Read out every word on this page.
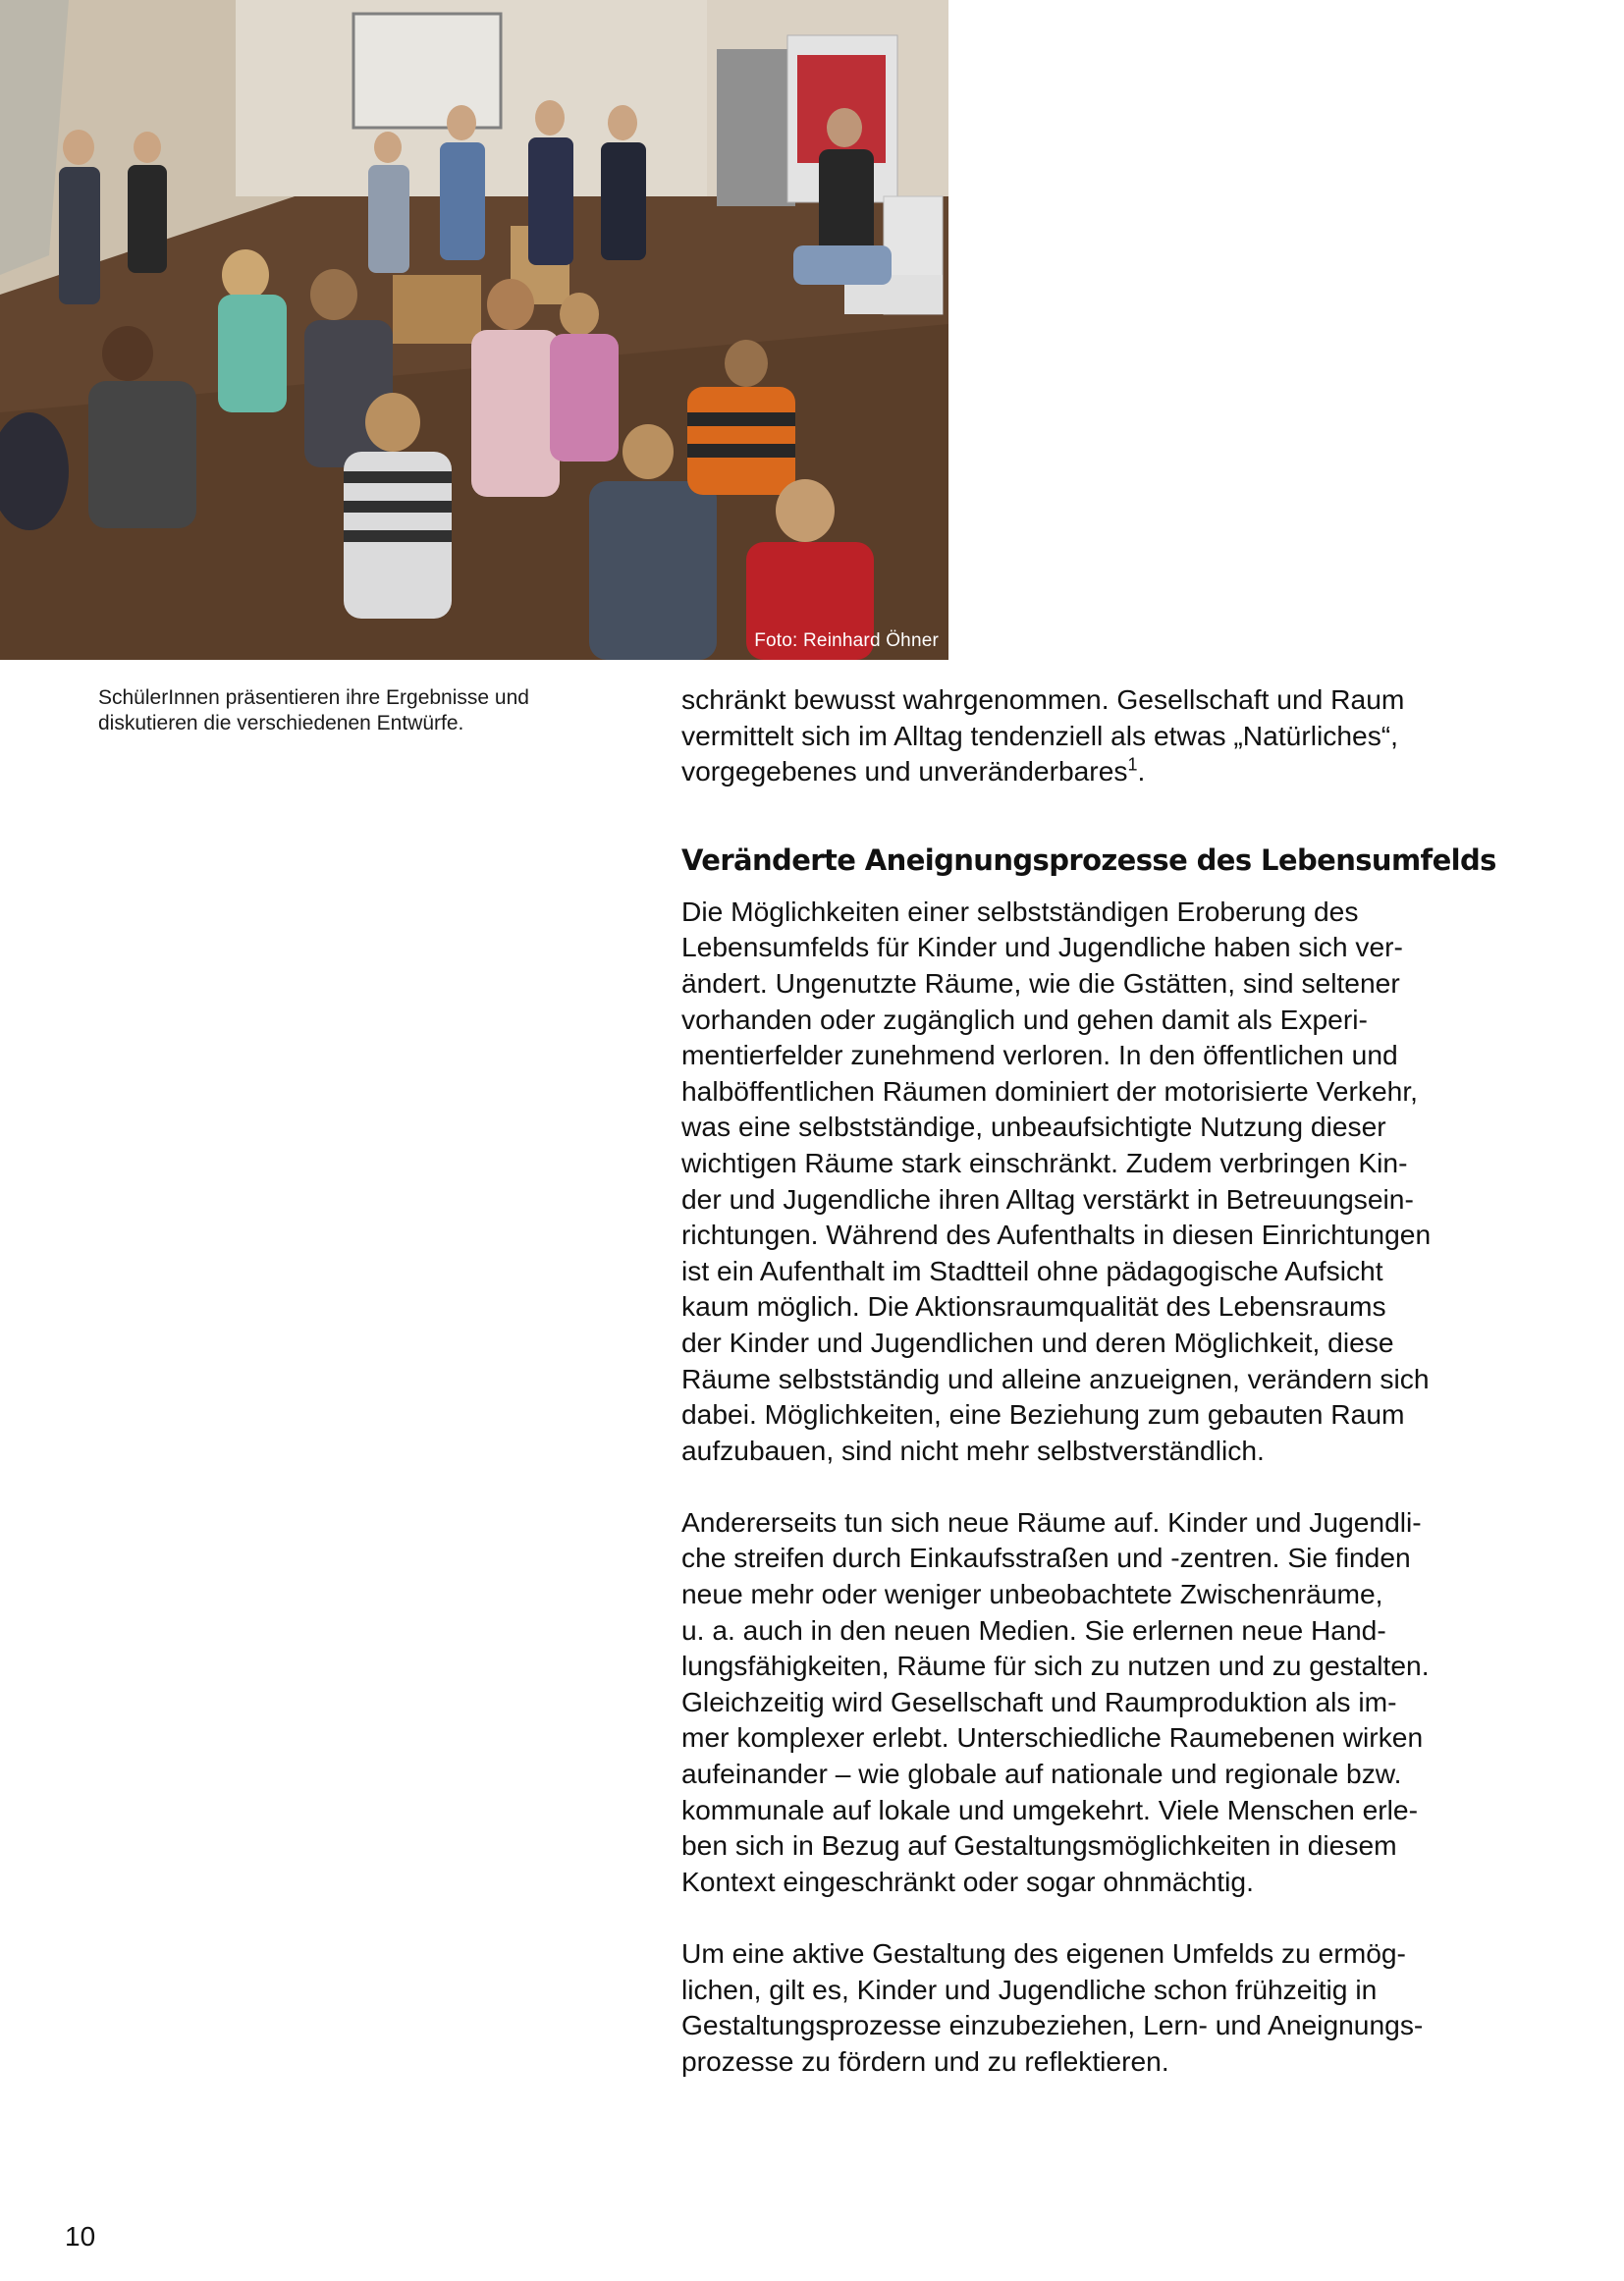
Foto: Reinhard Öhner
SchülerInnen präsentieren ihre Ergebnisse und
diskutieren die verschiedenen Entwürfe.

schränkt bewusst wahrgenommen. Gesellschaft und Raum
vermittelt sich im Alltag tendenziell als etwas „Natürliches“,
vorgegebenes und unveränderbares$^1$.

Veränderte Aneignungsprozesse des Lebensumfelds

Die Möglichkeiten einer selbstständigen Eroberung des
Lebensumfelds für Kinder und Jugendliche haben sich ver-
ändert. Ungenutzte Räume, wie die Gstätten, sind seltener
vorhanden oder zugänglich und gehen damit als Experi-
mentierfelder zunehmend verloren. In den öffentlichen und
halböffentlichen Räumen dominiert der motorisierte Verkehr,
was eine selbstständige, unbeaufsichtigte Nutzung dieser
wichtigen Räume stark einschränkt. Zudem verbringen Kin-
der und Jugendliche ihren Alltag verstärkt in Betreuungsein-
richtungen. Während des Aufenthalts in diesen Einrichtungen
ist ein Aufenthalt im Stadtteil ohne pädagogische Aufsicht
kaum möglich. Die Aktionsraumqualität des Lebensraums
der Kinder und Jugendlichen und deren Möglichkeit, diese
Räume selbstständig und alleine anzueignen, verändern sich
dabei. Möglichkeiten, eine Beziehung zum gebauten Raum
aufzubauen, sind nicht mehr selbstverständlich.

Andererseits tun sich neue Räume auf. Kinder und Jugendli-
che streifen durch Einkaufsstraßen und -zentren. Sie finden
neue mehr oder weniger unbeobachtete Zwischenräume,
u. a. auch in den neuen Medien. Sie erlernen neue Hand-
lungsfähigkeiten, Räume für sich zu nutzen und zu gestalten.
Gleichzeitig wird Gesellschaft und Raumproduktion als im-
mer komplexer erlebt. Unterschiedliche Raumebenen wirken
aufeinander – wie globale auf nationale und regionale bzw.
kommunale auf lokale und umgekehrt. Viele Menschen erle-
ben sich in Bezug auf Gestaltungsmöglichkeiten in diesem
Kontext eingeschränkt oder sogar ohnmächtig.

Um eine aktive Gestaltung des eigenen Umfelds zu ermög-
lichen, gilt es, Kinder und Jugendliche schon frühzeitig in
Gestaltungsprozesse einzubeziehen, Lern- und Aneignungs-
prozesse zu fördern und zu reflektieren.

10
